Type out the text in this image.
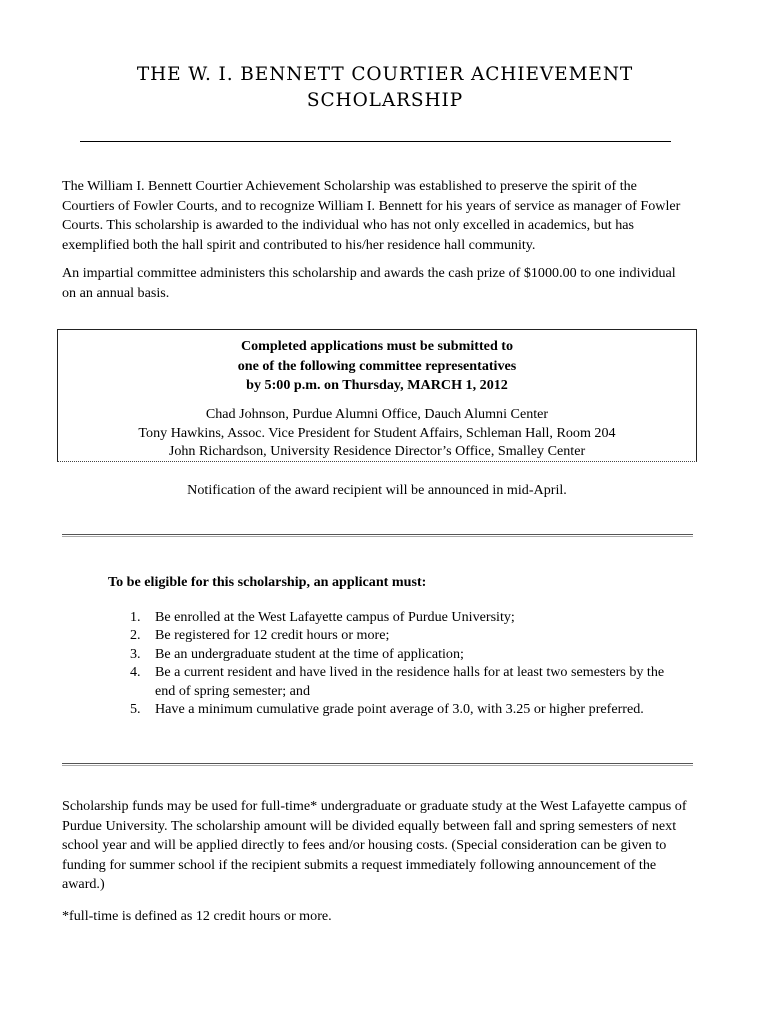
THE W. I. BENNETT COURTIER ACHIEVEMENT
SCHOLARSHIP

The William I. Bennett Courtier Achievement Scholarship was established to preserve the spirit of the Courtiers of Fowler Courts, and to recognize William I. Bennett for his years of service as manager of Fowler Courts. This scholarship is awarded to the individual who has not only excelled in academics, but has exemplified both the hall spirit and contributed to his/her residence hall community.

An impartial committee administers this scholarship and awards the cash prize of $1000.00 to one individual on an annual basis.

Completed applications must be submitted to
one of the following committee representatives
by 5:00 p.m. on Thursday, MARCH 1, 2012
Chad Johnson, Purdue Alumni Office, Dauch Alumni Center
Tony Hawkins, Assoc. Vice President for Student Affairs, Schleman Hall, Room 204
John Richardson, University Residence Director’s Office, Smalley Center
Notification of the award recipient will be announced in mid-April.
To be eligible for this scholarship, an applicant must:
1.	Be enrolled at the West Lafayette campus of Purdue University;
2.	Be registered for 12 credit hours or more;
3.	Be an undergraduate student at the time of application;
4.	Be a current resident and have lived in the residence halls for at least two semesters by the end of spring semester; and
5.	Have a minimum cumulative grade point average of 3.0, with 3.25 or higher preferred.

Scholarship funds may be used for full-time* undergraduate or graduate study at the West Lafayette campus of Purdue University. The scholarship amount will be divided equally between fall and spring semesters of next school year and will be applied directly to fees and/or housing costs. (Special consideration can be given to funding for summer school if the recipient submits a request immediately following announcement of the award.)

*full-time is defined as 12 credit hours or more.
